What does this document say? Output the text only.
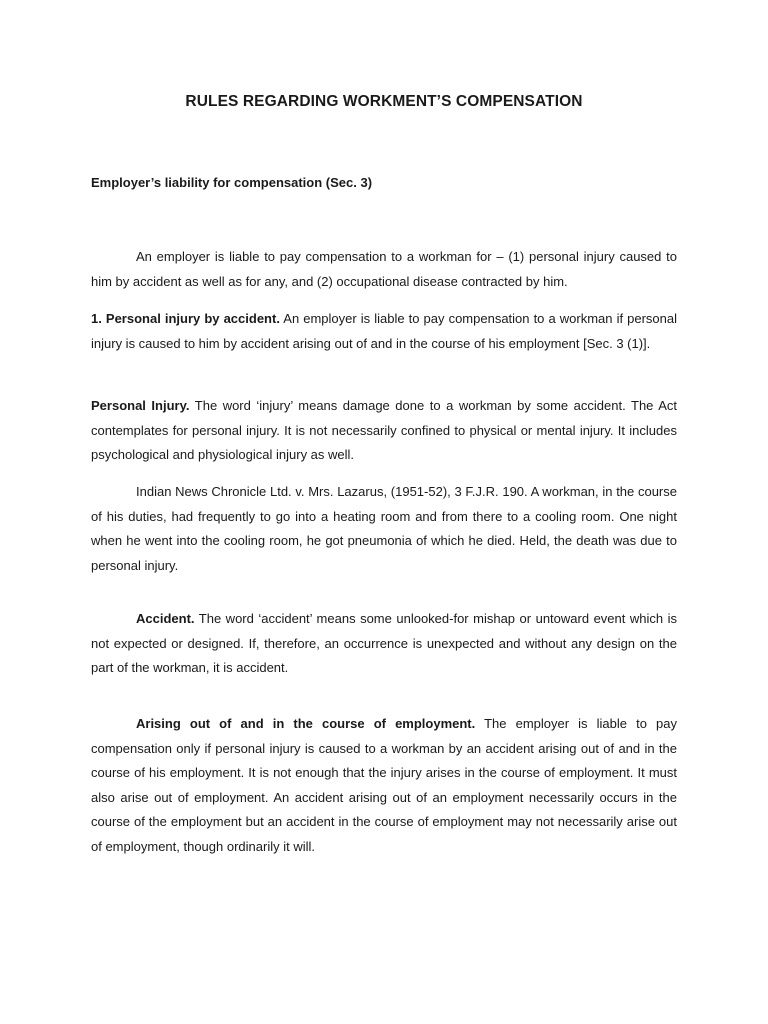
RULES REGARDING WORKMENT’S COMPENSATION
Employer’s liability for compensation (Sec. 3)

An employer is liable to pay compensation to a workman for – (1) personal injury caused to him by accident as well as for any, and (2) occupational disease contracted by him.

1. Personal injury by accident. An employer is liable to pay compensation to a workman if personal injury is caused to him by accident arising out of and in the course of his employment [Sec. 3 (1)].

Personal Injury. The word ‘injury’ means damage done to a workman by some accident. The Act contemplates for personal injury. It is not necessarily confined to physical or mental injury. It includes psychological and physiological injury as well.

Indian News Chronicle Ltd. v. Mrs. Lazarus, (1951-52), 3 F.J.R. 190. A workman, in the course of his duties, had frequently to go into a heating room and from there to a cooling room. One night when he went into the cooling room, he got pneumonia of which he died. Held, the death was due to personal injury.

Accident. The word ‘accident’ means some unlooked-for mishap or untoward event which is not expected or designed. If, therefore, an occurrence is unexpected and without any design on the part of the workman, it is accident.

Arising out of and in the course of employment. The employer is liable to pay compensation only if personal injury is caused to a workman by an accident arising out of and in the course of his employment. It is not enough that the injury arises in the course of employment. It must also arise out of employment. An accident arising out of an employment necessarily occurs in the course of the employment but an accident in the course of employment may not necessarily arise out of employment, though ordinarily it will.
